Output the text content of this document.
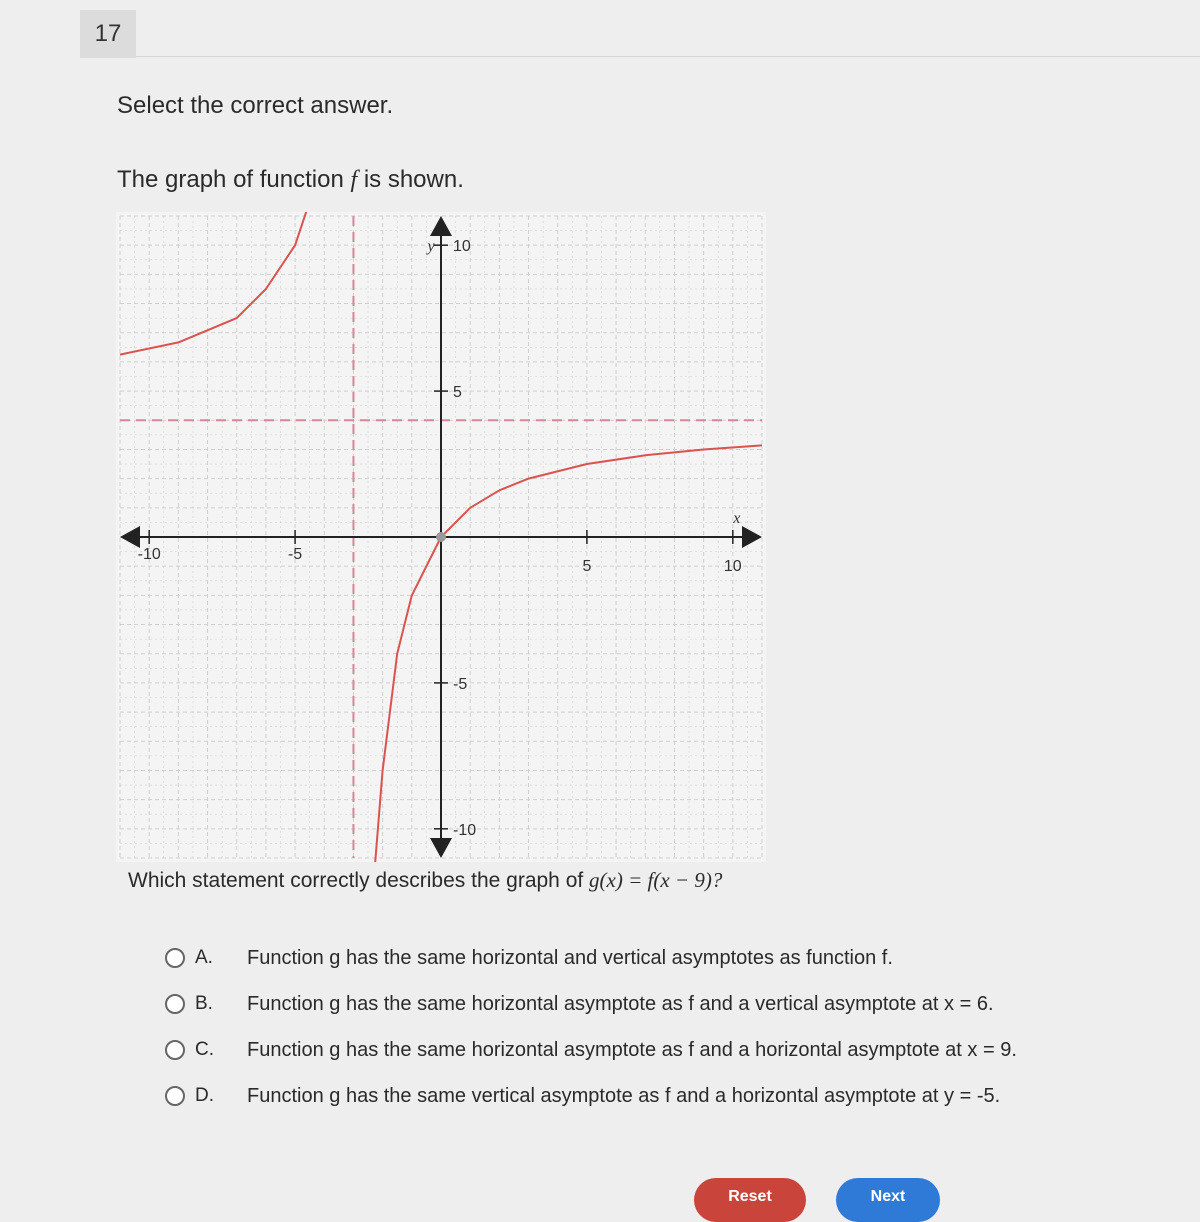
17
Select the correct answer.
The graph of function f is shown.
-10	-5
5	10
10
5
-5
-10
x
y
Which statement correctly describes the graph of g(x) = f(x − 9)?
A.	Function g has the same horizontal and vertical asymptotes as function f.
B.	Function g has the same horizontal asymptote as f and a vertical asymptote at x = 6.
C.	Function g has the same horizontal asymptote as f and a horizontal asymptote at x = 9.
D.	Function g has the same vertical asymptote as f and a horizontal asymptote at y = -5.
Reset	Next
